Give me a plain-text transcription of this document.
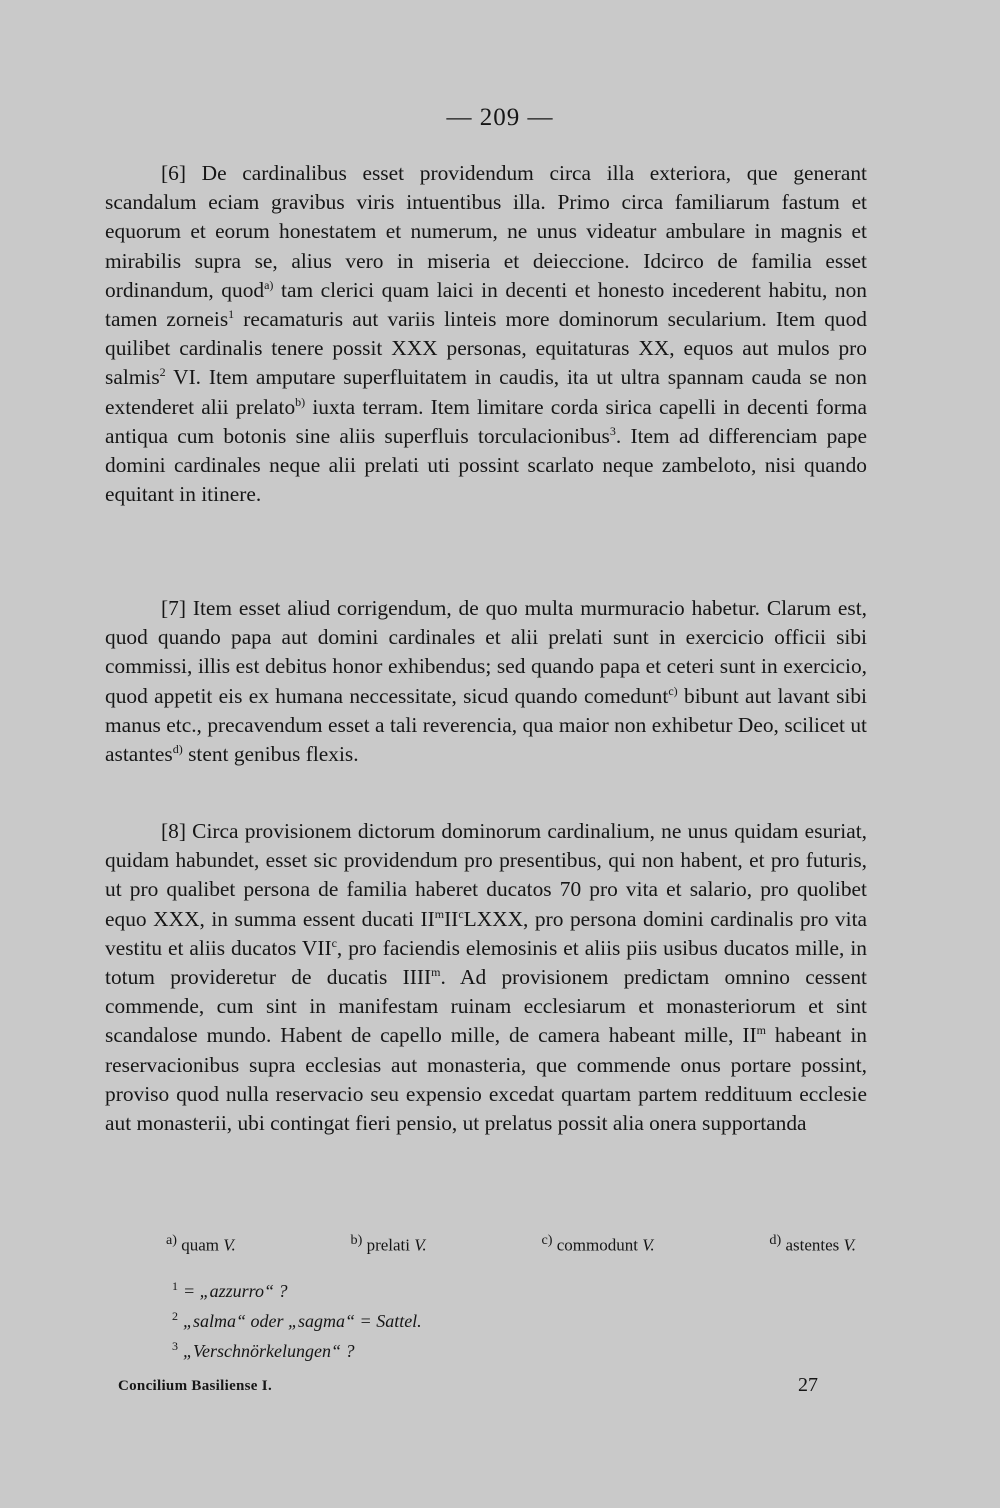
— 209 —

[6] De cardinalibus esset providendum circa illa exteriora, que generant scandalum eciam gravibus viris intuentibus illa. Primo circa familiarum fastum et equorum et eorum honestatem et numerum, ne unus videatur ambulare in magnis et mirabilis supra se, alius vero in miseria et deieccione. Idcirco de familia esset ordinandum, quod$^{a)}$ tam clerici quam laici in decenti et honesto incederent habitu, non tamen zorneis$^1$ recamaturis aut variis linteis more dominorum secularium. Item quod quilibet cardinalis tenere possit XXX personas, equitaturas XX, equos aut mulos pro salmis$^2$ VI. Item amputare superfluitatem in caudis, ita ut ultra spannam cauda se non extenderet alii prelato$^{b)}$ iuxta terram. Item limitare corda sirica capelli in decenti forma antiqua cum botonis sine aliis superfluis torculacionibus$^3$. Item ad differenciam pape domini cardinales neque alii prelati uti possint scarlato neque zambeloto, nisi quando equitant in itinere.

[7] Item esset aliud corrigendum, de quo multa murmuracio habetur. Clarum est, quod quando papa aut domini cardinales et alii prelati sunt in exercicio officii sibi commissi, illis est debitus honor exhibendus; sed quando papa et ceteri sunt in exercicio, quod appetit eis ex humana neccessitate, sicud quando comedunt$^{c)}$ bibunt aut lavant sibi manus etc., precavendum esset a tali reverencia, qua maior non exhibetur Deo, scilicet ut astantes$^{d)}$ stent genibus flexis.

[8] Circa provisionem dictorum dominorum cardinalium, ne unus quidam esuriat, quidam habundet, esset sic providendum pro presentibus, qui non habent, et pro futuris, ut pro qualibet persona de familia haberet ducatos 70 pro vita et salario, pro quolibet equo XXX, in summa essent ducati $II^mII^cLXXX$, pro persona domini cardinalis pro vita vestitu et aliis ducatos VII$^c$, pro faciendis elemosinis et aliis piis usibus ducatos mille, in totum provideretur de ducatis IIII$^m$. Ad provisionem predictam omnino cessent commende, cum sint in manifestam ruinam ecclesiarum et monasteriorum et sint scandalose mundo. Habent de capello mille, de camera habeant mille, $II^m$ habeant in reservacionibus supra ecclesias aut monasteria, que commende onus portare possint, proviso quod nulla reservacio seu expensio excedat quartam partem reddituum ecclesie aut monasterii, ubi contingat fieri pensio, ut prelatus possit alia onera supportanda

$^{a)}$ quam V.	$^{b)}$ prelati V.	$^{c)}$ commodunt V.	$^{d)}$ astentes V.
$^1$ = „azzurro“ ?
$^2$ „salma“ oder „sagma“ = Sattel.
$^3$ „Verschnörkelungen“ ?
Concilium Basiliense I.	27
